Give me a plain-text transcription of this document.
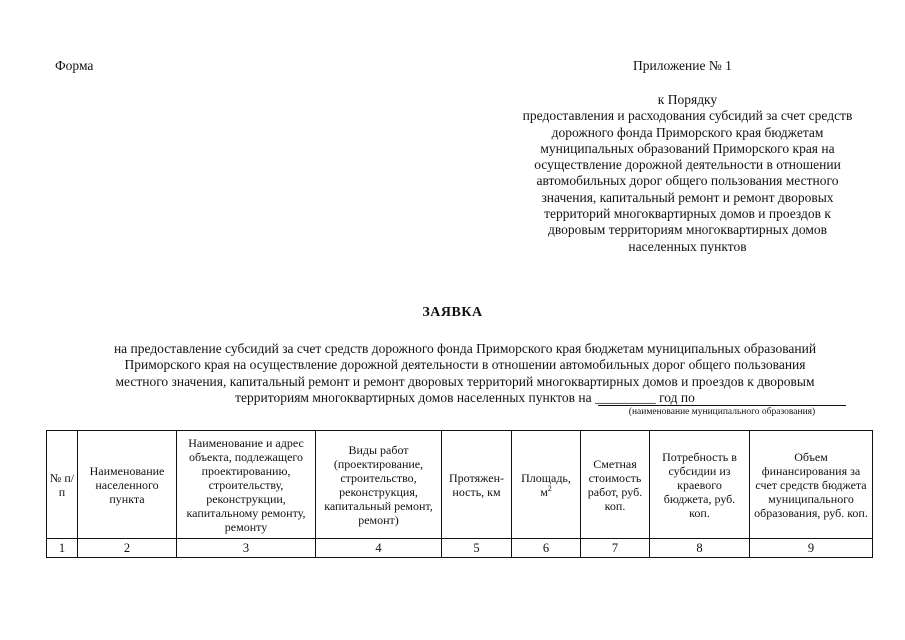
Форма	Приложение № 1
к Порядку
предоставления и расходования субсидий за счет средств
дорожного фонда Приморского края бюджетам
муниципальных образований Приморского края на
осуществление дорожной деятельности в отношении
автомобильных дорог общего пользования местного
значения, капитальный ремонт и ремонт дворовых
территорий многоквартирных домов и проездов к
дворовым территориям многоквартирных домов
населенных пунктов
ЗАЯВКА
на предоставление субсидий за счет средств дорожного фонда Приморского края бюджетам муниципальных образований
Приморского края на осуществление дорожной деятельности в отношении автомобильных дорог общего пользования
местного значения, капитальный ремонт и ремонт дворовых территорий многоквартирных домов и проездов к дворовым
территориям многоквартирных домов населенных пунктов на _________ год по
(наименование муниципального образования)
№ п/п	Наименование населенного пункта	Наименование и адрес объекта, подлежащего проектированию, строительству, реконструкции, капитальному ремонту, ремонту	Виды работ (проектирование, строительство, реконструкция, капитальный ремонт, ремонт)	Протяжен-ность, км	Площадь, $м^2$	Сметная стоимость работ, руб. коп.	Потребность в субсидии из краевого бюджета, руб. коп.	Объем финансирования за счет средств бюджета муниципального образования, руб. коп.
1	2	3	4	5	6	7	8	9
